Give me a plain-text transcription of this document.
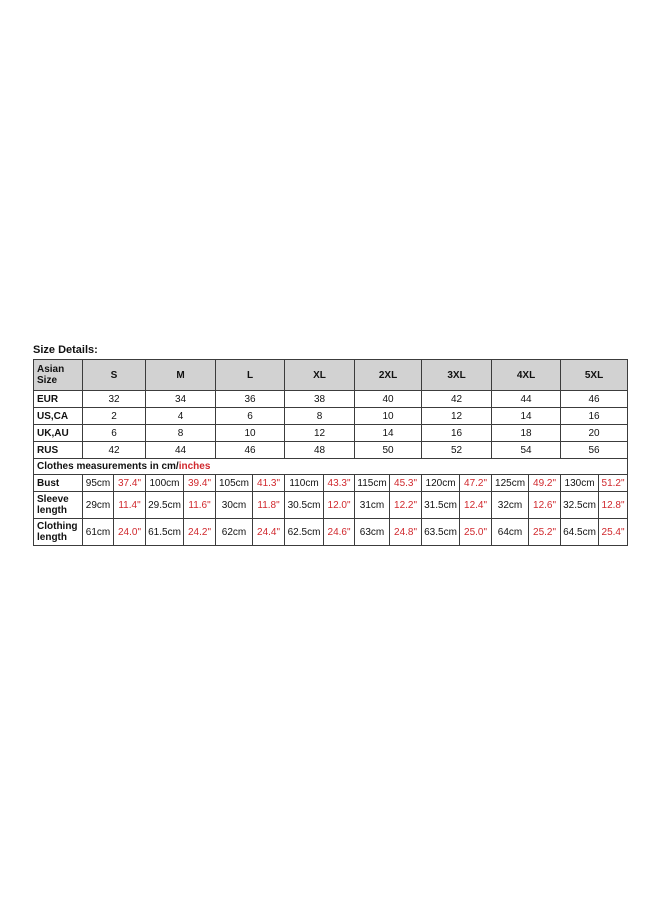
Size Details:
Asian
Size	S		M		L		XL		2XL		3XL		4XL		5XL	
EUR	32		34		36		38		40		42		44		46	
US,CA	2		4		6		8		10		12		14		16	
UK,AU	6		8		10		12		14		16		18		20	
RUS	42		44		46		48		50		52		54		56	
Clothes measurements in cm/inches																
Bust	95cm	37.4"	100cm	39.4"	105cm	41.3"	110cm	43.3"	115cm	45.3"	120cm	47.2"	125cm	49.2"	130cm	51.2"
Sleeve
length	29cm	11.4"	29.5cm	11.6"	30cm	11.8"	30.5cm	12.0"	31cm	12.2"	31.5cm	12.4"	32cm	12.6"	32.5cm	12.8"
Clothing
length	61cm	24.0"	61.5cm	24.2"	62cm	24.4"	62.5cm	24.6"	63cm	24.8"	63.5cm	25.0"	64cm	25.2"	64.5cm	25.4"
